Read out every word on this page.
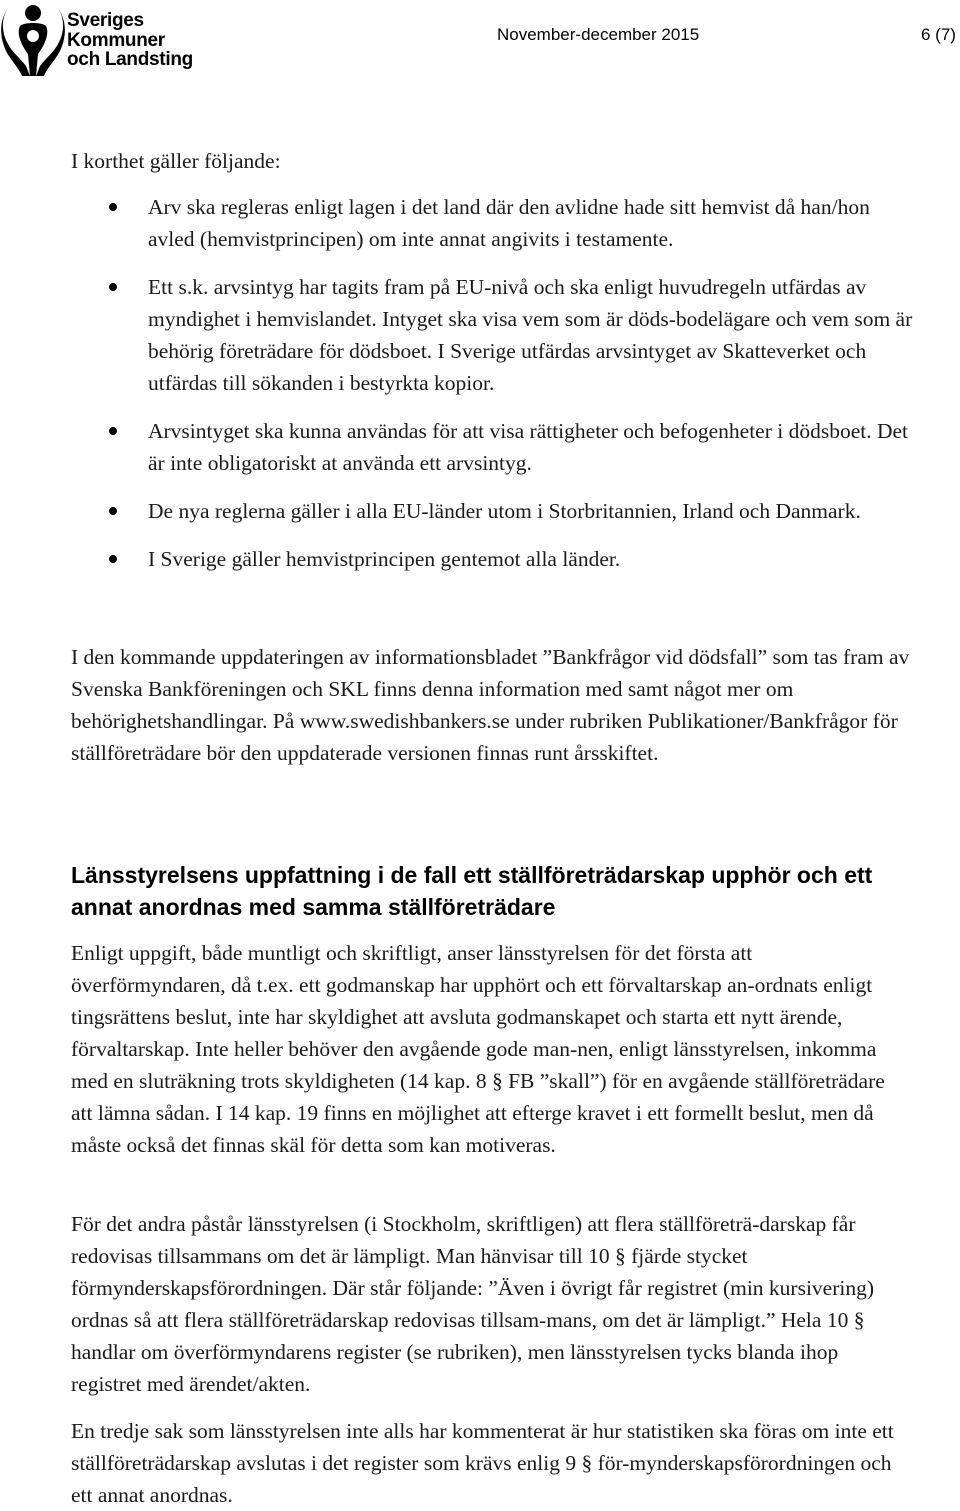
Sveriges
Kommuner
och Landsting
November-december 2015	6 (7)
I korthet gäller följande:
Arv ska regleras enligt lagen i det land där den avlidne hade sitt hemvist då han/hon avled (hemvistprincipen) om inte annat angivits i testamente.
Ett s.k. arvsintyg har tagits fram på EU-nivå och ska enligt huvudregeln utfärdas av myndighet i hemvislandet. Intyget ska visa vem som är döds-bodelägare och vem som är behörig företrädare för dödsboet. I Sverige utfärdas arvsintyget av Skatteverket och utfärdas till sökanden i bestyrkta kopior.
Arvsintyget ska kunna användas för att visa rättigheter och befogenheter i dödsboet. Det är inte obligatoriskt at använda ett arvsintyg.
De nya reglerna gäller i alla EU-länder utom i Storbritannien, Irland och Danmark.
I Sverige gäller hemvistprincipen gentemot alla länder.
I den kommande uppdateringen av informationsbladet ”Bankfrågor vid dödsfall” som tas fram av Svenska Bankföreningen och SKL finns denna information med samt något mer om behörighetshandlingar. På www.swedishbankers.se under rubriken Publikationer/Bankfrågor för ställföreträdare bör den uppdaterade versionen finnas runt årsskiftet.
Länsstyrelsens uppfattning i de fall ett ställföreträdarskap upphör och ett annat anordnas med samma ställföreträdare
Enligt uppgift, både muntligt och skriftligt, anser länsstyrelsen för det första att överförmyndaren, då t.ex. ett godmanskap har upphört och ett förvaltarskap an-ordnats enligt tingsrättens beslut, inte har skyldighet att avsluta godmanskapet och starta ett nytt ärende, förvaltarskap. Inte heller behöver den avgående gode man-nen, enligt länsstyrelsen, inkomma med en sluträkning trots skyldigheten (14 kap. 8 § FB ”skall”) för en avgående ställföreträdare att lämna sådan. I 14 kap. 19 finns en möjlighet att efterge kravet i ett formellt beslut, men då måste också det finnas skäl för detta som kan motiveras.
För det andra påstår länsstyrelsen (i Stockholm, skriftligen) att flera ställföreträ-darskap får redovisas tillsammans om det är lämpligt. Man hänvisar till 10 § fjärde stycket förmynderskapsförordningen. Där står följande: ”Även i övrigt får registret (min kursivering) ordnas så att flera ställföreträdarskap redovisas tillsam-mans, om det är lämpligt.” Hela 10 § handlar om överförmyndarens register (se rubriken), men länsstyrelsen tycks blanda ihop registret med ärendet/akten.
En tredje sak som länsstyrelsen inte alls har kommenterat är hur statistiken ska föras om inte ett ställföreträdarskap avslutas i det register som krävs enlig 9 § för-mynderskapsförordningen och ett annat anordnas.
